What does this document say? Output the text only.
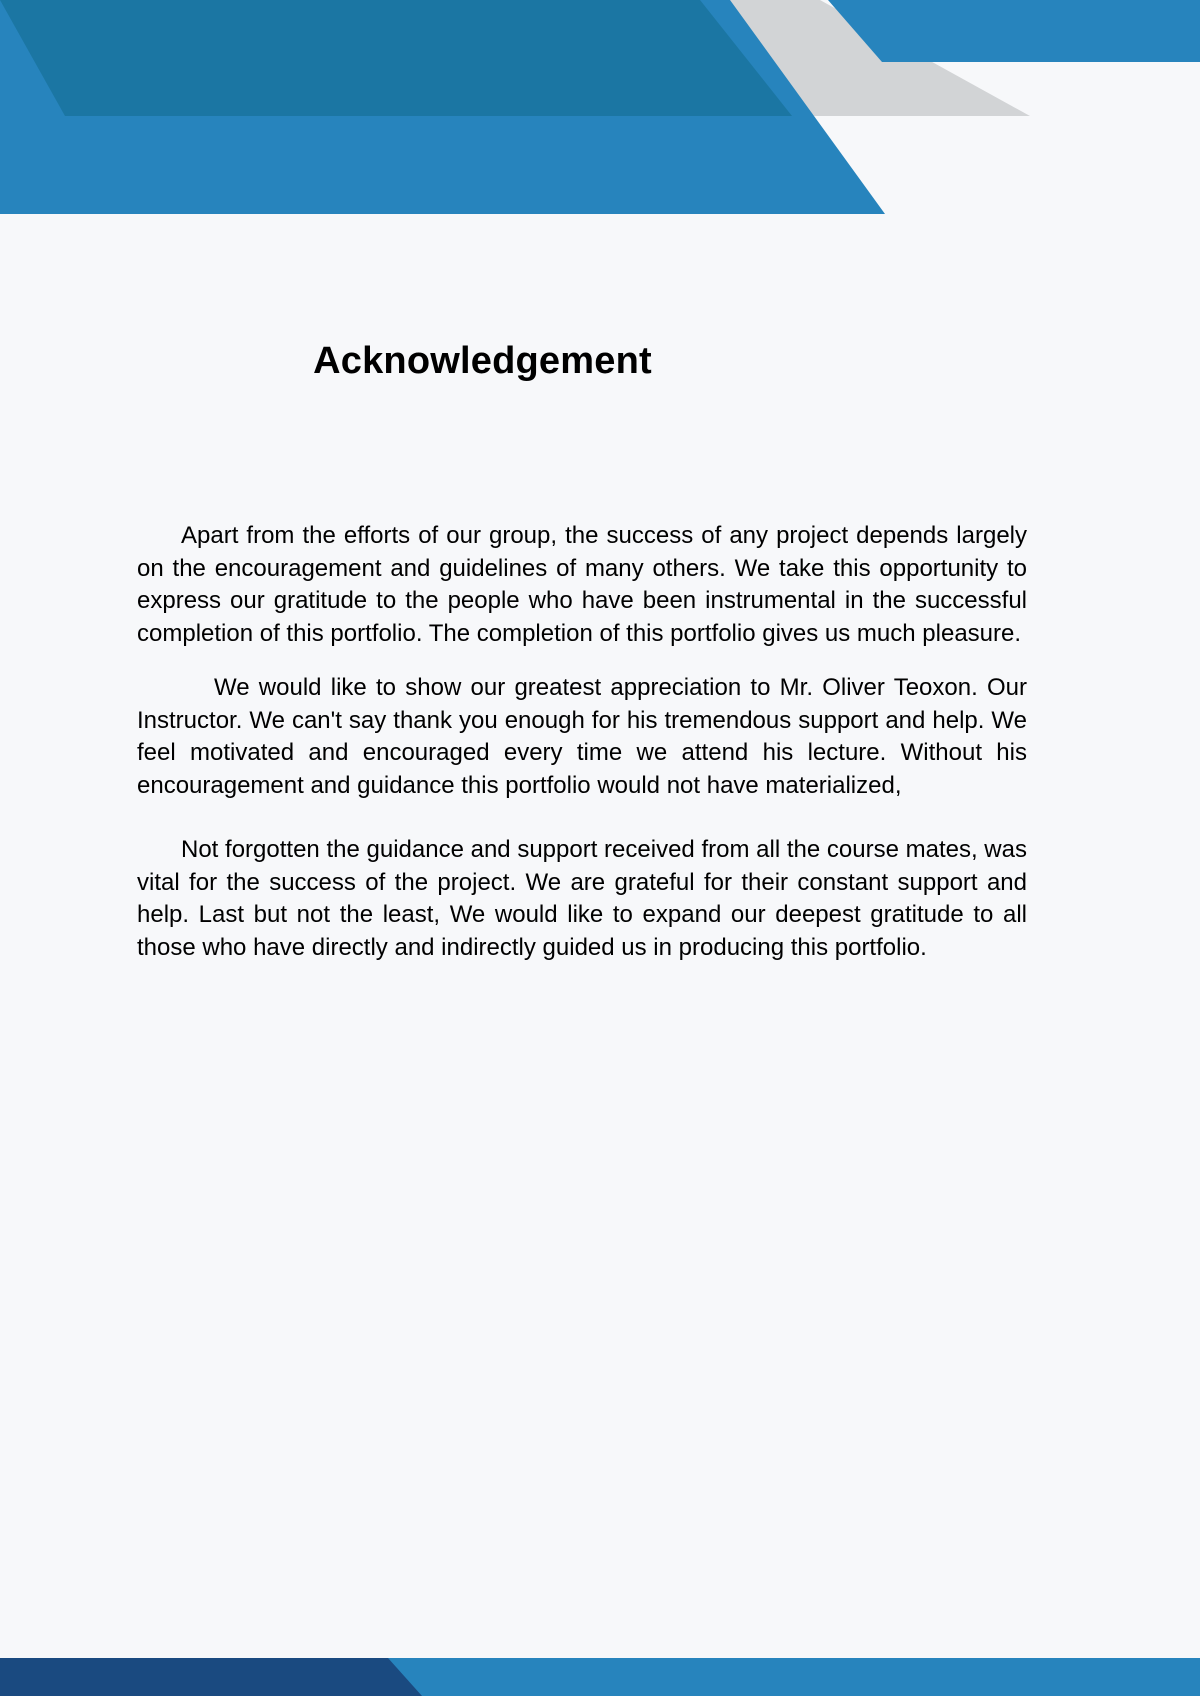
Acknowledgement

Apart from the efforts of our group, the success of any project depends largely on the encouragement and guidelines of many others. We take this opportunity to express our gratitude to the people who have been instrumental in the successful completion of this portfolio. The completion of this portfolio gives us much pleasure.

We would like to show our greatest appreciation to Mr. Oliver Teoxon. Our Instructor. We can't say thank you enough for his tremendous support and help. We feel motivated and encouraged every time we attend his lecture. Without his encouragement and guidance this portfolio would not have materialized,

Not forgotten the guidance and support received from all the course mates, was vital for the success of the project. We are grateful for their constant support and help. Last but not the least, We would like to expand our deepest gratitude to all those who have directly and indirectly guided us in producing this portfolio.
